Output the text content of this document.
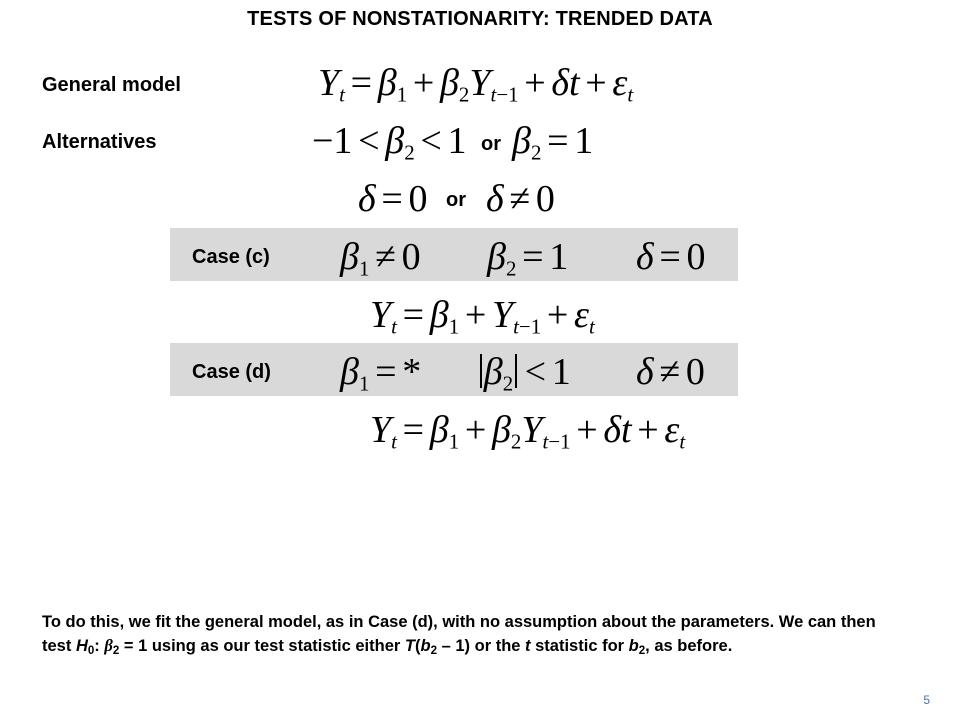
TESTS OF NONSTATIONARITY: TRENDED DATA
General model	$Y_t = \beta_1 + \beta_2Y_{t-1} + \delta t + \varepsilon_t$
Alternatives	$-1 < \beta_2 < 1$ or $\beta_2 = 1$
δ = 0 or δ ≠ 0
Case (c) $\beta_1 \ne 0$ $\beta_2 = 1$ δ = 0
$Y_t = \beta_1 + Y_{t-1} + \varepsilon_t$
Case (d) $\beta_1$ = * $\beta_2 < 1$ δ ≠ 0
$Y_t = \beta_1 + \beta_2Y_{t-1} + \delta t + \varepsilon_t$
To do this, we fit the general model, as in Case (d), with no assumption about the parameters. We can then test $H_0$: $\beta_2 = 1$ using as our test statistic either $T(b_2 - 1)$ or the t statistic for $b_2$, as before.
5
